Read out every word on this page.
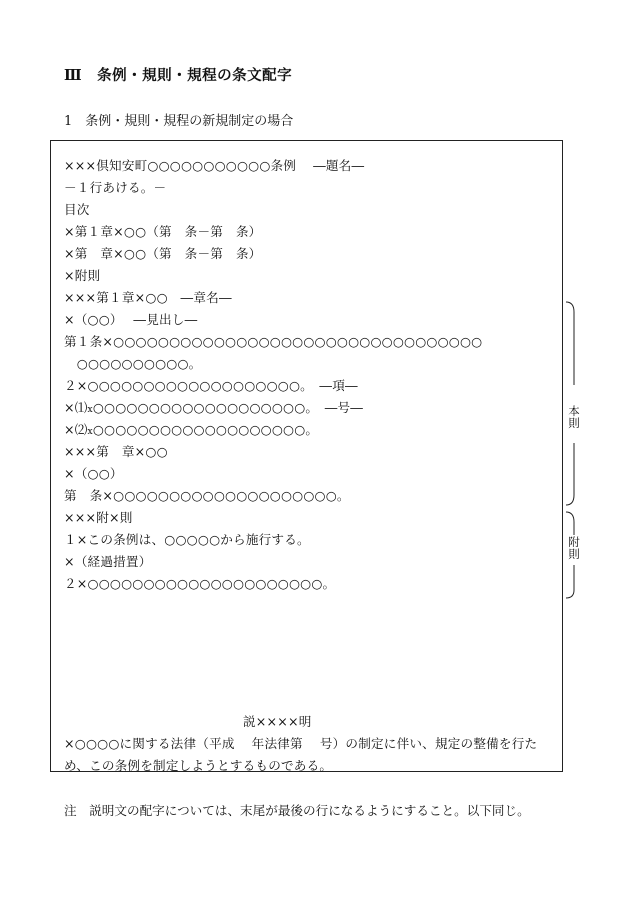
Ⅲ　条例・規則・規程の条文配字
1　条例・規則・規程の新規制定の場合
×××倶知安町○○○○○○○○○○○条例　 ―題名―
－１行あける。－
目次
×第１章×○○（第　条－第　条）
×第　章×○○（第　条－第　条）
×附則
×××第１章×○○　―章名―
×（○○）　 ―見出し―
第１条×○○○○○○○○○○○○○○○○○○○○○○○○○○○○○○○○○
　○○○○○○○○○○。
２×○○○○○○○○○○○○○○○○○○○。　―項―
×⑴x○○○○○○○○○○○○○○○○○○○。　―号―
×⑵x○○○○○○○○○○○○○○○○○○○。
×××第　章×○○
×（○○）
第　条×○○○○○○○○○○○○○○○○○○○○。
×××附×則
１×この条例は、○○○○○から施行する。
×（経過措置）
２×○○○○○○○○○○○○○○○○○○○○○。
説××××明
×○○○○に関する法律（平成　 年法律第　 号）の制定に伴い、規定の整備を行た
め、この条例を制定しようとするものである。
本
則
附
則
注　説明文の配字については、末尾が最後の行になるようにすること。以下同じ。
